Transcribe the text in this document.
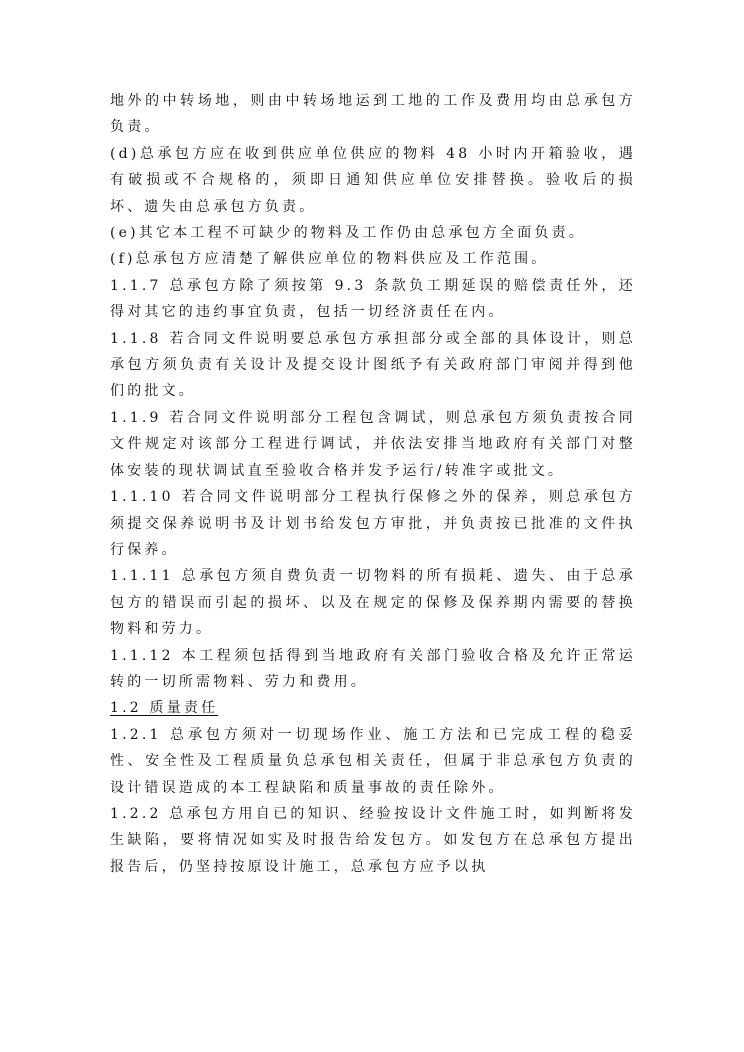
地外的中转场地，则由中转场地运到工地的工作及费用均由总承包方负责。

(d)总承包方应在收到供应单位供应的物料 48 小时内开箱验收，遇有破损或不合规格的，须即日通知供应单位安排替换。验收后的损坏、遗失由总承包方负责。

(e)其它本工程不可缺少的物料及工作仍由总承包方全面负责。

(f)总承包方应清楚了解供应单位的物料供应及工作范围。

1.1.7 总承包方除了须按第 9.3 条款负工期延误的赔偿责任外，还得对其它的违约事宜负责，包括一切经济责任在内。

1.1.8 若合同文件说明要总承包方承担部分或全部的具体设计，则总承包方须负责有关设计及提交设计图纸予有关政府部门审阅并得到他们的批文。

1.1.9 若合同文件说明部分工程包含调试，则总承包方须负责按合同文件规定对该部分工程进行调试，并依法安排当地政府有关部门对整体安装的现状调试直至验收合格并发予运行/转准字或批文。

1.1.10 若合同文件说明部分工程执行保修之外的保养，则总承包方须提交保养说明书及计划书给发包方审批，并负责按已批准的文件执行保养。

1.1.11 总承包方须自费负责一切物料的所有损耗、遗失、由于总承包方的错误而引起的损坏、以及在规定的保修及保养期内需要的替换物料和劳力。

1.1.12 本工程须包括得到当地政府有关部门验收合格及允许正常运转的一切所需物料、劳力和费用。

1.2 质量责任

1.2.1 总承包方须对一切现场作业、施工方法和已完成工程的稳妥性、安全性及工程质量负总承包相关责任，但属于非总承包方负责的设计错误造成的本工程缺陷和质量事故的责任除外。

1.2.2 总承包方用自已的知识、经验按设计文件施工时，如判断将发生缺陷，要将情况如实及时报告给发包方。如发包方在总承包方提出报告后，仍坚持按原设计施工，总承包方应予以执
